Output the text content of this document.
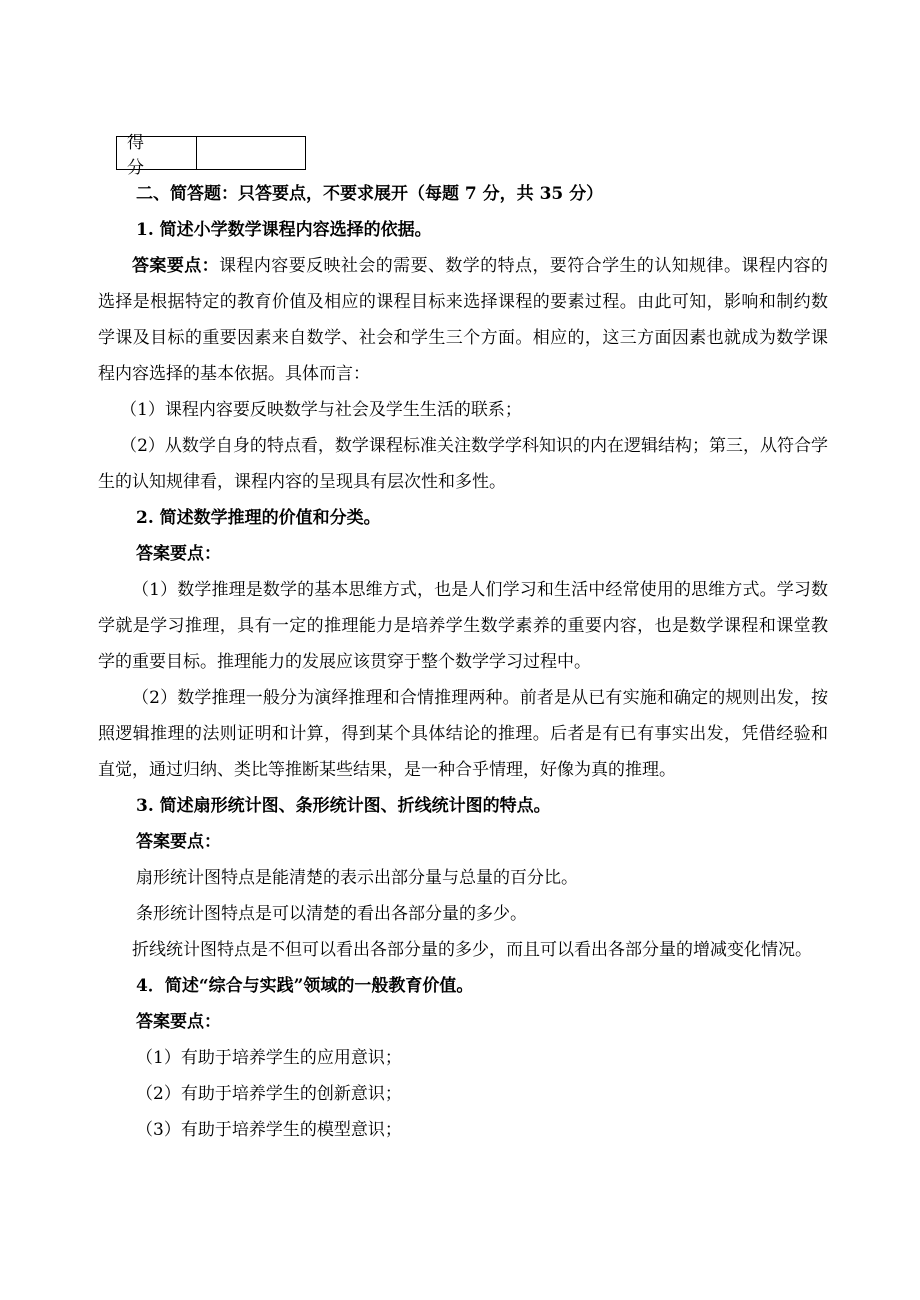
得 分
二、简答题：只答要点，不要求展开（每题 7 分，共 35 分）
1. 简述小学数学课程内容选择的依据。

答案要点：课程内容要反映社会的需要、数学的特点，要符合学生的认知规律。课程内容的选择是根据特定的教育价值及相应的课程目标来选择课程的要素过程。由此可知，影响和制约数学课及目标的重要因素来自数学、社会和学生三个方面。相应的，这三方面因素也就成为数学课程内容选择的基本依据。具体而言：

（1）课程内容要反映数学与社会及学生生活的联系；

（2）从数学自身的特点看，数学课程标准关注数学学科知识的内在逻辑结构；第三，从符合学生的认知规律看，课程内容的呈现具有层次性和多性。

2. 简述数学推理的价值和分类。
答案要点：

（1）数学推理是数学的基本思维方式，也是人们学习和生活中经常使用的思维方式。学习数学就是学习推理，具有一定的推理能力是培养学生数学素养的重要内容，也是数学课程和课堂教学的重要目标。推理能力的发展应该贯穿于整个数学学习过程中。

（2）数学推理一般分为演绎推理和合情推理两种。前者是从已有实施和确定的规则出发，按照逻辑推理的法则证明和计算，得到某个具体结论的推理。后者是有已有事实出发，凭借经验和直觉，通过归纳、类比等推断某些结果，是一种合乎情理，好像为真的推理。

3. 简述扇形统计图、条形统计图、折线统计图的特点。
答案要点：
扇形统计图特点是能清楚的表示出部分量与总量的百分比。
条形统计图特点是可以清楚的看出各部分量的多少。

折线统计图特点是不但可以看出各部分量的多少，而且可以看出各部分量的增减变化情况。

4．简述“综合与实践”领域的一般教育价值。
答案要点：
（1）有助于培养学生的应用意识；
（2）有助于培养学生的创新意识；
（3）有助于培养学生的模型意识；
